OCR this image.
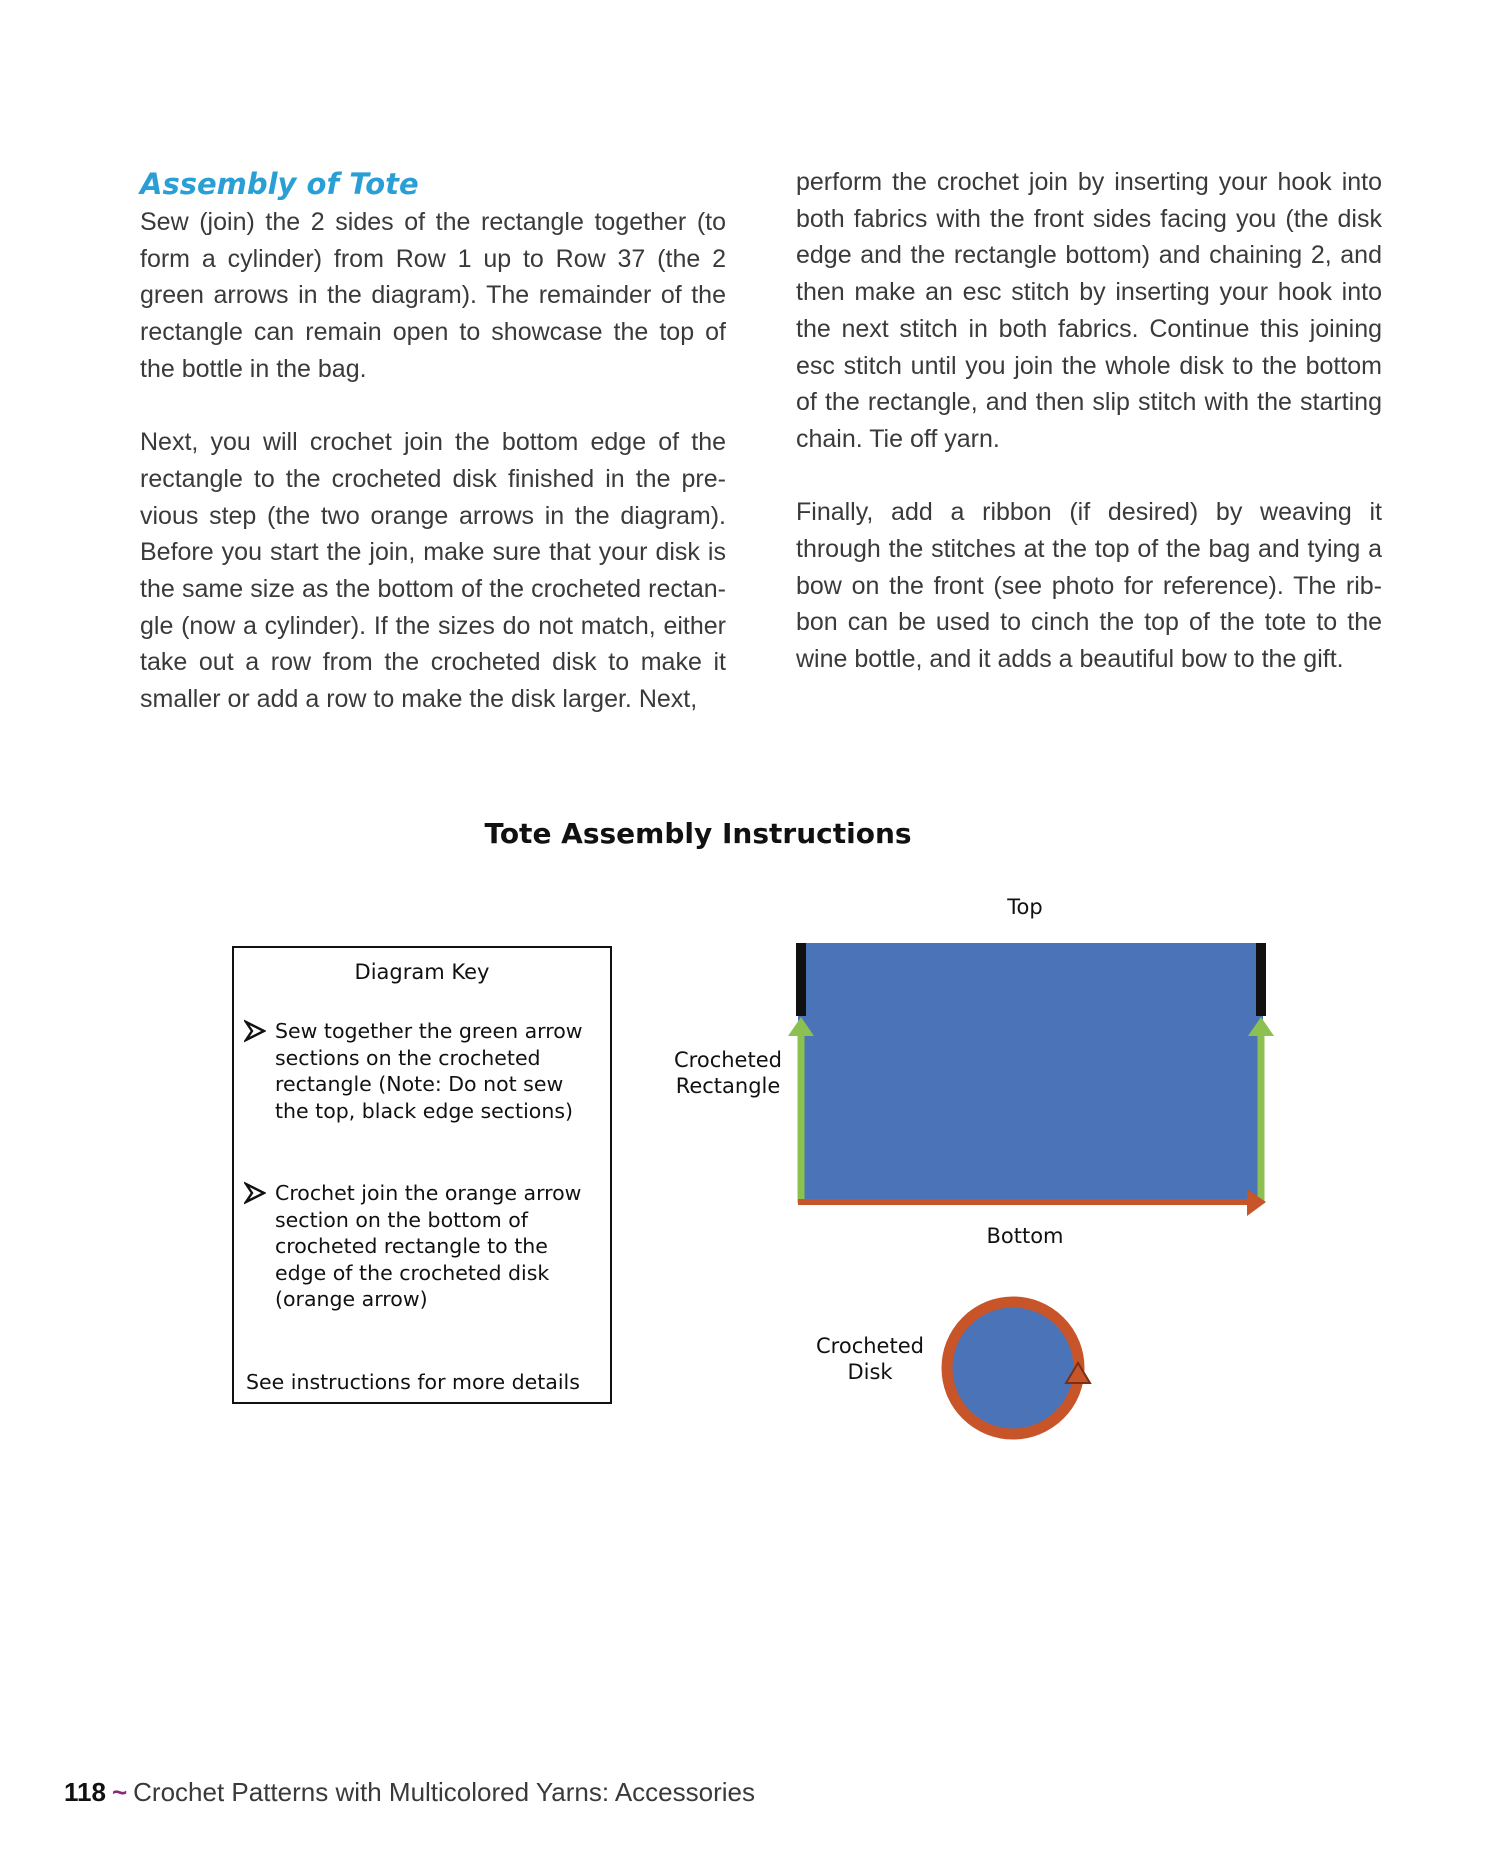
Assembly of Tote

Sew (join) the 2 sides of the rectangle together (to form a cylinder) from Row 1 up to Row 37 (the 2 green arrows in the diagram). The remainder of the rectangle can remain open to showcase the top of the bottle in the bag.

Next, you will crochet join the bottom edge of the rectangle to the crocheted disk finished in the pre-vious step (the two orange arrows in the diagram). Before you start the join, make sure that your disk is the same size as the bottom of the crocheted rectan-gle (now a cylinder). If the sizes do not match, either take out a row from the crocheted disk to make it smaller or add a row to make the disk larger. Next,

perform the crochet join by inserting your hook into both fabrics with the front sides facing you (the disk edge and the rectangle bottom) and chaining 2, and then make an esc stitch by inserting your hook into the next stitch in both fabrics. Continue this joining esc stitch until you join the whole disk to the bottom of the rectangle, and then slip stitch with the starting chain. Tie off yarn.

Finally, add a ribbon (if desired) by weaving it through the stitches at the top of the bag and tying a bow on the front (see photo for reference). The rib-bon can be used to cinch the top of the tote to the wine bottle, and it adds a beautiful bow to the gift.

Tote Assembly Instructions
Diagram Key
Sew together the green arrow sections on the crocheted rectangle (Note: Do not sew the top, black edge sections)
Crochet join the orange arrow section on the bottom of crocheted rectangle to the edge of the crocheted disk (orange arrow)
See instructions for more details
Top
Bottom
Crocheted Rectangle
Crocheted Disk
118 ~ Crochet Patterns with Multicolored Yarns: Accessories
